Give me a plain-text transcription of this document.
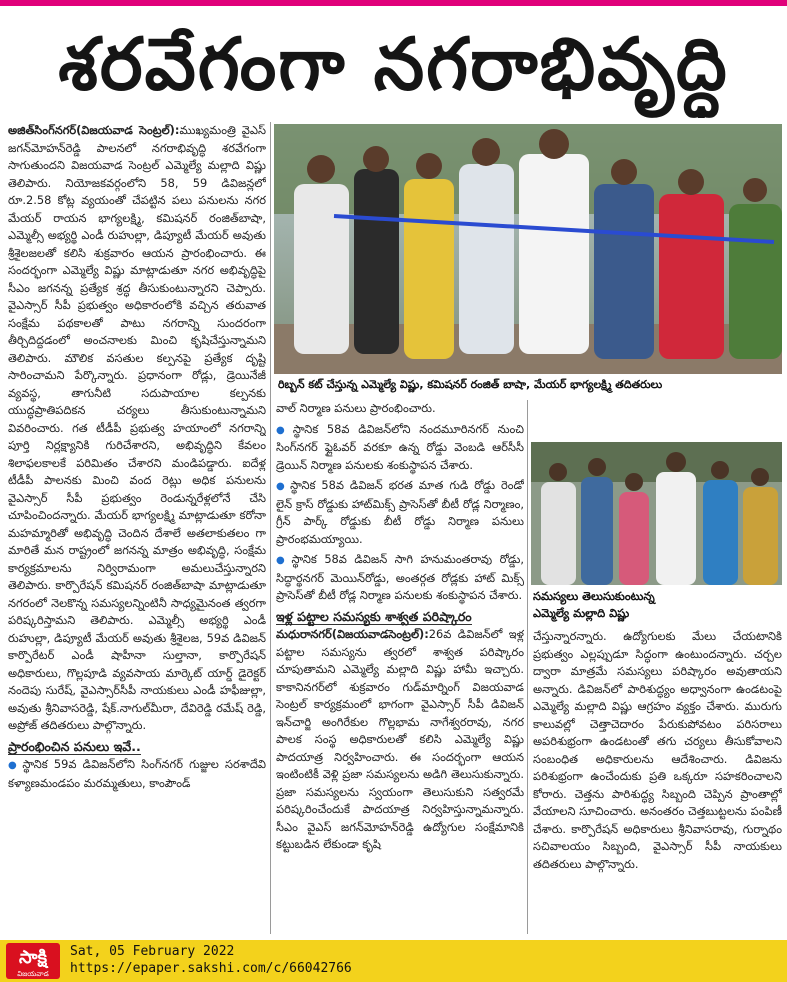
శరవేగంగా నగరాభివృద్ధి

అజిత్‌సింగ్‌నగర్‌(విజయవాడ సెంట్రల్‌):ముఖ్యమంత్రి వైఎస్‌ జగన్‌మోహన్‌రెడ్డి పాలనలో నగరాభివృద్ధి శరవేగంగా సాగుతుందని విజయవాడ సెంట్రల్‌ ఎమ్మెల్యే మల్లాది విష్ణు తెలిపారు. నియోజకవర్గంలోని 58, 59 డివిజన్లలో రూ.2.58 కోట్ల వ్యయంతో చేపట్టిన పలు పనులను నగర మేయర్‌ రాయన భాగ్యలక్ష్మి, కమిషనర్‌ రంజిత్‌బాషా, ఎమ్మెల్సీ అభ్యర్థి ఎండీ రుహుల్లా, డిప్యూటీ మేయర్‌ అవుతు శ్రీశైలజలతో కలిసి శుక్రవారం ఆయన ప్రారంభించారు. ఈ సందర్భంగా ఎమ్మెల్యే విష్ణు మాట్లాడుతూ నగర అభివృద్ధిపై సీఎం జగనన్న ప్రత్యేక శ్రద్ధ తీసుకుంటున్నారని చెప్పారు. వైఎస్సార్‌ సీపీ ప్రభుత్వం అధికారంలోకి వచ్చిన తరువాత సంక్షేమ పథకాలతో పాటు నగరాన్ని సుందరంగా తీర్చిదిద్దడంలో అంచనాలకు మించి కృషిచేస్తున్నామని తెలిపారు. మౌలిక వసతుల కల్పనపై ప్రత్యేక దృష్టి సారించామని పేర్కొన్నారు. ప్రధానంగా రోడ్లు, డ్రెయినేజీ వ్యవస్థ, తాగునీటి సదుపాయాల కల్పనకు యుద్ధప్రాతిపదికన చర్యలు తీసుకుంటున్నామని వివరించారు. గత టీడీపీ ప్రభుత్వ హయాంలో నగరాన్ని పూర్తి నిర్లక్ష్యానికి గురిచేశారని, అభివృద్ధిని కేవలం శిలాఫలకాలకే పరిమితం చేశారని మండిపడ్డారు. ఐదేళ్ల టీడీపీ పాలనకు మించి వంద రెట్లు అధిక పనులను వైఎస్సార్‌ సీపీ ప్రభుత్వం రెండున్నరేళ్లలోనే చేసి చూపించిందన్నారు. మేయర్‌ భాగ్యలక్ష్మి మాట్లాడుతూ కరోనా మహమ్మారితో అభివృద్ధి చెందిన దేశాలే అతలాకుతలం గా మారితే మన రాష్ట్రంలో జగనన్న మాత్రం అభివృద్ధి, సంక్షేమ కార్యక్రమాలను నిర్విరామంగా అమలుచేస్తున్నారని తెలిపారు. కార్పొరేషన్‌ కమిషనర్‌ రంజిత్‌బాషా మాట్లాడుతూ నగరంలో నెలకొన్న సమస్యలన్నింటినీ సాధ్యమైనంత త్వరగా పరిష్కరిస్తామని తెలిపారు. ఎమ్మెల్సీ అభ్యర్థి ఎండీ రుహుల్లా, డిప్యూటీ మేయర్‌ అవుతు శ్రీశైలజ, 59వ డివిజన్‌ కార్పొరేటర్‌ ఎండీ షాహీనా సుల్తానా, కార్పొరేషన్‌ అధికారులు, గొల్లపూడి వ్యవసాయ మార్కెట్‌ యార్డ్‌ డైరెక్టర్‌ నందెపు సురేష్‌, వైఎస్సార్‌సీపీ నాయకులు ఎండీ హఫీజుల్లా, అవుతు శ్రీనివాసరెడ్డి, షేక్‌.నాగుల్‌మీరా, దేవిరెడ్డి రమేష్‌ రెడ్డి, అప్రోజ్‌ తదితరులు పాల్గొన్నారు.

ప్రారంభించిన పనులు ఇవే..

● స్థానిక 59వ డివిజన్‌లోని సింగ్‌నగర్‌ గుజ్జుల సరశాదేవి కళ్యాణమండపం మరమ్మతులు, కాంపౌండ్‌

రిబ్బన్‌ కట్‌ చేస్తున్న ఎమ్మెల్యే విష్ణు, కమిషనర్‌ రంజిత్‌ బాషా, మేయర్‌ భాగ్యలక్ష్మి తదితరులు

వాల్‌ నిర్మాణ పనులు ప్రారంభించారు.

● స్థానిక 58వ డివిజన్‌లోని నందమూరినగర్‌ నుంచి సింగ్‌నగర్‌ ఫ్లైఓవర్‌ వరకూ ఉన్న రోడ్డు వెంబడి ఆర్‌సీసీ డ్రెయిన్‌ నిర్మాణ పనులకు శంకుస్థాపన చేశారు.

● స్థానిక 58వ డివిజన్‌ భరత మాత గుడి రోడ్డు రెండో లైన్‌ క్రాస్‌ రోడ్డుకు హాట్‌మిక్స్‌ ప్రాసెస్‌తో బీటీ రోడ్ల నిర్మాణం, గ్రీన్‌ పార్క్‌ రోడ్డుకు బీటీ రోడ్డు నిర్మాణ పనులు ప్రారంభమయ్యాయి.

● స్థానిక 58వ డివిజన్‌ సాగి హనుమంతరావు రోడ్డు, సిద్ధార్థనగర్‌ మెయిన్‌రోడ్డు, అంతర్గత రోడ్లకు హాట్‌ మిక్స్‌ ప్రాసెస్‌తో బీటీ రోడ్ల నిర్మాణ పనులకు శంకుస్థాపన చేశారు.

ఇళ్ల పట్టాల సమస్యకు శాశ్వత పరిష్కారం

మధురానగర్‌(విజయవాడసెంట్రల్‌):26వ డివిజన్‌లో ఇళ్ల పట్టాల సమస్యను త్వరలో శాశ్వత పరిష్కారం చూపుతామని ఎమ్మెల్యే మల్లాది విష్ణు హామీ ఇచ్చారు. కాకానినగర్‌లో శుక్రవారం గుడ్‌మార్నింగ్‌ విజయవాడ సెంట్రల్‌ కార్యక్రమంలో భాగంగా వైఎస్సార్‌ సీపీ డివిజన్‌ ఇన్‌చార్జి అంగిరేకుల గొల్లభామ నాగేశ్వరరావు, నగర పాలక సంస్థ అధికారులతో కలిసి ఎమ్మెల్యే విష్ణు పాదయాత్ర నిర్వహించారు. ఈ సందర్భంగా ఆయన ఇంటింటికీ వెళ్లి ప్రజా సమస్యలను అడిగి తెలుసుకున్నారు. ప్రజా సమస్యలను స్వయంగా తెలుసుకుని సత్వరమే పరిష్కరించేందుకే పాదయాత్ర నిర్వహిస్తున్నామన్నారు. సీఎం వైఎస్‌ జగన్‌మోహన్‌రెడ్డి ఉద్యోగుల సంక్షేమానికి కట్టుబడిన లేకుండా కృషి

సమస్యలు తెలుసుకుంటున్న
ఎమ్మెల్యే మల్లాది విష్ణు

చేస్తున్నారన్నారు. ఉద్యోగులకు మేలు చేయటానికి ప్రభుత్వం ఎల్లప్పుడూ సిద్ధంగా ఉంటుందన్నారు. చర్చల ద్వారా మాత్రమే సమస్యలు పరిష్కారం అవుతాయని అన్నారు. డివిజన్‌లో పారిశుద్ధ్యం అధ్వానంగా ఉండటంపై ఎమ్మెల్యే మల్లాది విష్ణు ఆగ్రహం వ్యక్తం చేశారు. మురుగు కాలువల్లో చెత్తాచెదారం పేరుకుపోవటం పరిసరాలు అపరిశుభ్రంగా ఉండటంతో తగు చర్యలు తీసుకోవాలని సంబంధిత అధికారులను ఆదేశించారు. డివిజను పరిశుభ్రంగా ఉంచేందుకు ప్రతి ఒక్కరూ సహకరించాలని కోరారు. చెత్తను పారిశుద్ధ్య సిబ్బంది చెప్పిన ప్రాంతాల్లో వేయాలని సూచించారు. అనంతరం చెత్తబుట్టలను పంపిణీ చేశారు. కార్పొరేషన్‌ అధికారులు శ్రీనివాసరావు, గుర్నాథం సచివాలయం సిబ్బంది, వైఎస్సార్‌ సీపీ నాయకులు తదితరులు పాల్గొన్నారు.

సాక్షి
విజయవాడ
Sat, 05 February 2022
https://epaper.sakshi.com/c/66042766
